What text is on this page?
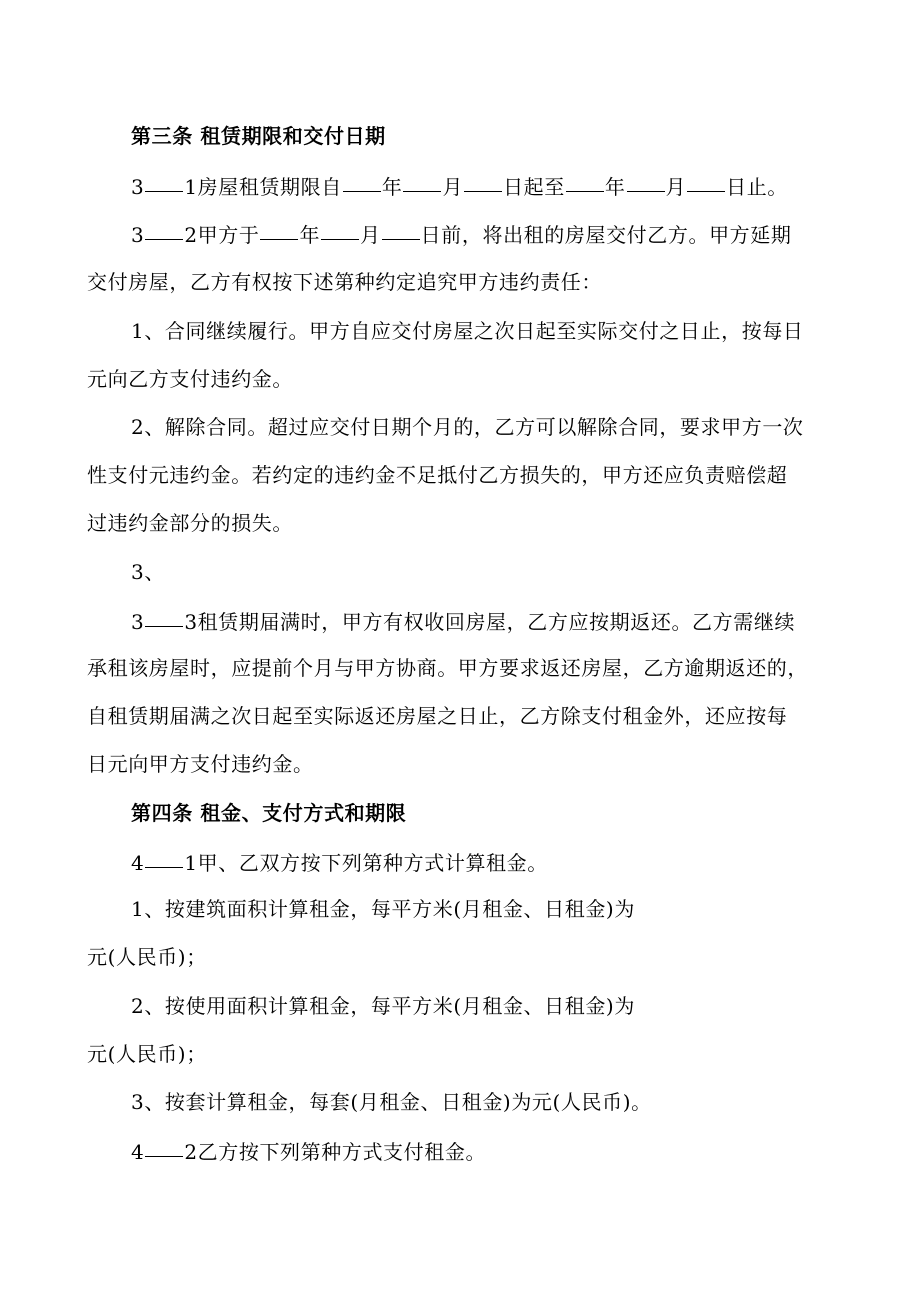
第三条 租赁期限和交付日期
3 1房屋租赁期限自 年 月 日起至 年 月 日止。
3 2甲方于 年 月 日前，将出租的房屋交付乙方。甲方延期
交付房屋，乙方有权按下述第种约定追究甲方违约责任：
1、合同继续履行。甲方自应交付房屋之次日起至实际交付之日止，按每日
元向乙方支付违约金。
2、解除合同。超过应交付日期个月的，乙方可以解除合同，要求甲方一次
性支付元违约金。若约定的违约金不足抵付乙方损失的，甲方还应负责赔偿超
过违约金部分的损失。
3、
3 3租赁期届满时，甲方有权收回房屋，乙方应按期返还。乙方需继续
承租该房屋时，应提前个月与甲方协商。甲方要求返还房屋，乙方逾期返还的，
自租赁期届满之次日起至实际返还房屋之日止，乙方除支付租金外，还应按每
日元向甲方支付违约金。
第四条 租金、支付方式和期限
4 1甲、乙双方按下列第种方式计算租金。
1、按建筑面积计算租金，每平方米(月租金、日租金)为
元(人民币)；
2、按使用面积计算租金，每平方米(月租金、日租金)为
元(人民币)；
3、按套计算租金，每套(月租金、日租金)为元(人民币)。
4 2乙方按下列第种方式支付租金。
